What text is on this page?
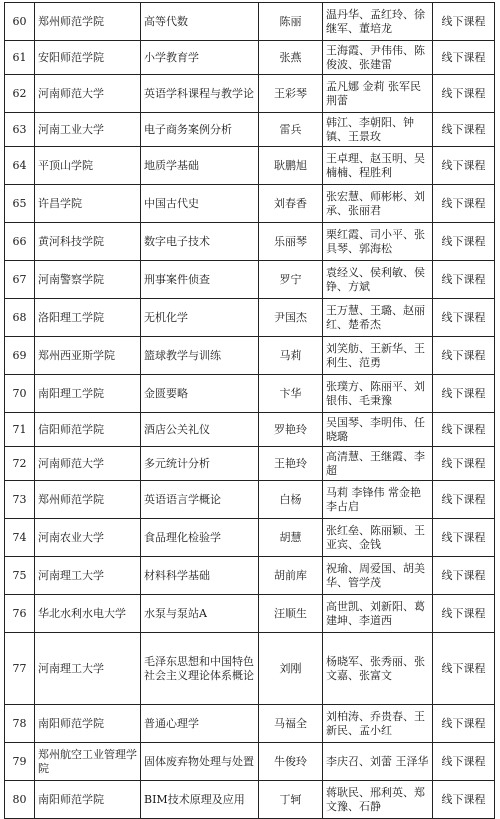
60	郑州师范学院	高等代数	陈丽	温丹华、孟红玲、徐继军、董培龙	线下课程
61	安阳师范学院	小学教育学	张燕	王海霞、尹伟伟、陈俊波、张建雷	线下课程
62	河南师范大学	英语学科课程与教学论	王彩琴	孟凡娜 金莉 张军民 荆蕾	线下课程
63	河南工业大学	电子商务案例分析	雷兵	韩江、李朝阳、钟镇、王景玫	线下课程
64	平顶山学院	地质学基础	耿鹏旭	王卓理、赵玉明、吴楠楠、程胜利	线下课程
65	许昌学院	中国古代史	刘春香	张宏慧、师彬彬、刘承、张丽君	线下课程
66	黄河科技学院	数字电子技术	乐丽琴	栗红霞、司小平、张具琴、郭海松	线下课程
67	河南警察学院	刑事案件侦查	罗宁	袁经义、侯利敏、侯铮、方斌	线下课程
68	洛阳理工学院	无机化学	尹国杰	王万慧、王璐、赵丽红、楚希杰	线下课程
69	郑州西亚斯学院	篮球教学与训练	马莉	刘笑舫、王新华、王利生、范勇	线下课程
70	南阳理工学院	金匮要略	卞华	张璞方、陈丽平、刘银伟、毛秉豫	线下课程
71	信阳师范学院	酒店公关礼仪	罗艳玲	吴国琴、李明伟、任晓璐	线下课程
72	河南师范大学	多元统计分析	王艳玲	高清慧、王继霞、李超	线下课程
73	郑州师范学院	英语语言学概论	白杨	马莉 李锋伟 常金艳 李占启	线下课程
74	河南农业大学	食品理化检验学	胡慧	张红垒、陈丽颖、王亚宾、金钱	线下课程
75	河南理工大学	材料科学基础	胡前库	祝瑜、周爱国、胡美华、管学茂	线下课程
76	华北水利水电大学	水泵与泵站A	汪顺生	高世凯、刘新阳、葛建坤、李道西	线下课程
77	河南理工大学	毛泽东思想和中国特色社会主义理论体系概论	刘刚	杨晓军、张秀丽、张文嘉、张富文	线下课程
78	南阳师范学院	普通心理学	马福全	刘柏涛、乔贵春、王新民、孟小红	线下课程
79	郑州航空工业管理学院	固体废弃物处理与处置	牛俊玲	李庆召、刘蕾 王泽华	线下课程
80	南阳师范学院	BIM技术原理及应用	丁轲	蒋耿民、邢利英、郑文豫、石静	线下课程
